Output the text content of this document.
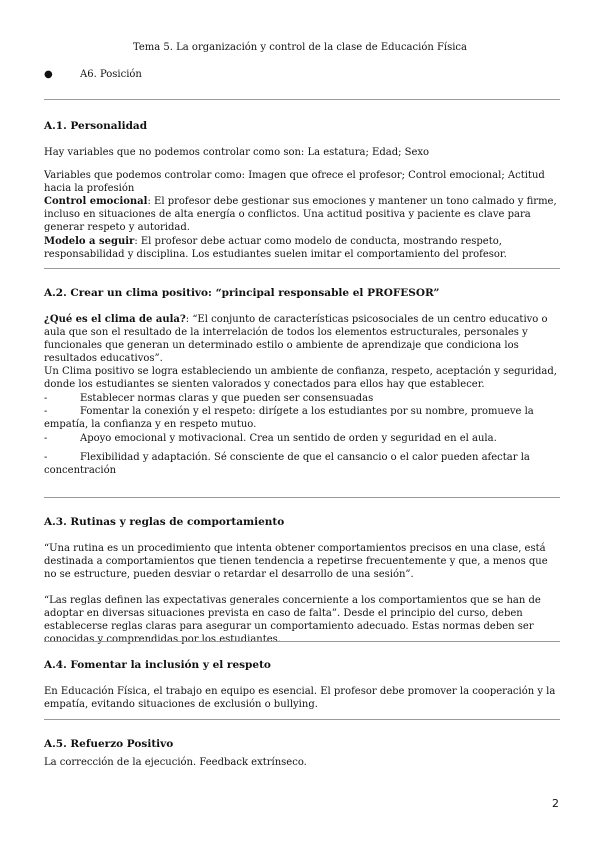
Tema 5. La organización y control de la clase de Educación Física
●	A6. Posición
A.1. Personalidad
Hay variables que no podemos controlar como son: La estatura; Edad; Sexo
Variables que podemos controlar como: Imagen que ofrece el profesor; Control emocional; Actitud hacia la profesión
Control emocional: El profesor debe gestionar sus emociones y mantener un tono calmado y firme, incluso en situaciones de alta energía o conflictos. Una actitud positiva y paciente es clave para generar respeto y autoridad.
Modelo a seguir: El profesor debe actuar como modelo de conducta, mostrando respeto, responsabilidad y disciplina. Los estudiantes suelen imitar el comportamiento del profesor.
A.2. Crear un clima positivo: “principal responsable el PROFESOR”
¿Qué es el clima de aula?: “El conjunto de características psicosociales de un centro educativo o aula que son el resultado de la interrelación de todos los elementos estructurales, personales y funcionales que generan un determinado estilo o ambiente de aprendizaje que condiciona los resultados educativos”.
Un Clima positivo se logra estableciendo un ambiente de confianza, respeto, aceptación y seguridad, donde los estudiantes se sienten valorados y conectados para ellos hay que establecer.
-	Establecer normas claras y que pueden ser consensuadas
-	Fomentar la conexión y el respeto: dirígete a los estudiantes por su nombre, promueve la empatía, la confianza y en respeto mutuo.
-	Apoyo emocional y motivacional. Crea un sentido de orden y seguridad en el aula.
-	Flexibilidad y adaptación. Sé consciente de que el cansancio o el calor pueden afectar la concentración
A.3. Rutinas y reglas de comportamiento
“Una rutina es un procedimiento que intenta obtener comportamientos precisos en una clase, está destinada a comportamientos que tienen tendencia a repetirse frecuentemente y que, a menos que no se estructure, pueden desviar o retardar el desarrollo de una sesión”.
“Las reglas definen las expectativas generales concerniente a los comportamientos que se han de adoptar en diversas situaciones prevista en caso de falta”. Desde el principio del curso, deben establecerse reglas claras para asegurar un comportamiento adecuado. Estas normas deben ser conocidas y comprendidas por los estudiantes.
A.4. Fomentar la inclusión y el respeto
En Educación Física, el trabajo en equipo es esencial. El profesor debe promover la cooperación y la empatía, evitando situaciones de exclusión o bullying.
A.5. Refuerzo Positivo
La corrección de la ejecución. Feedback extrínseco.
2
